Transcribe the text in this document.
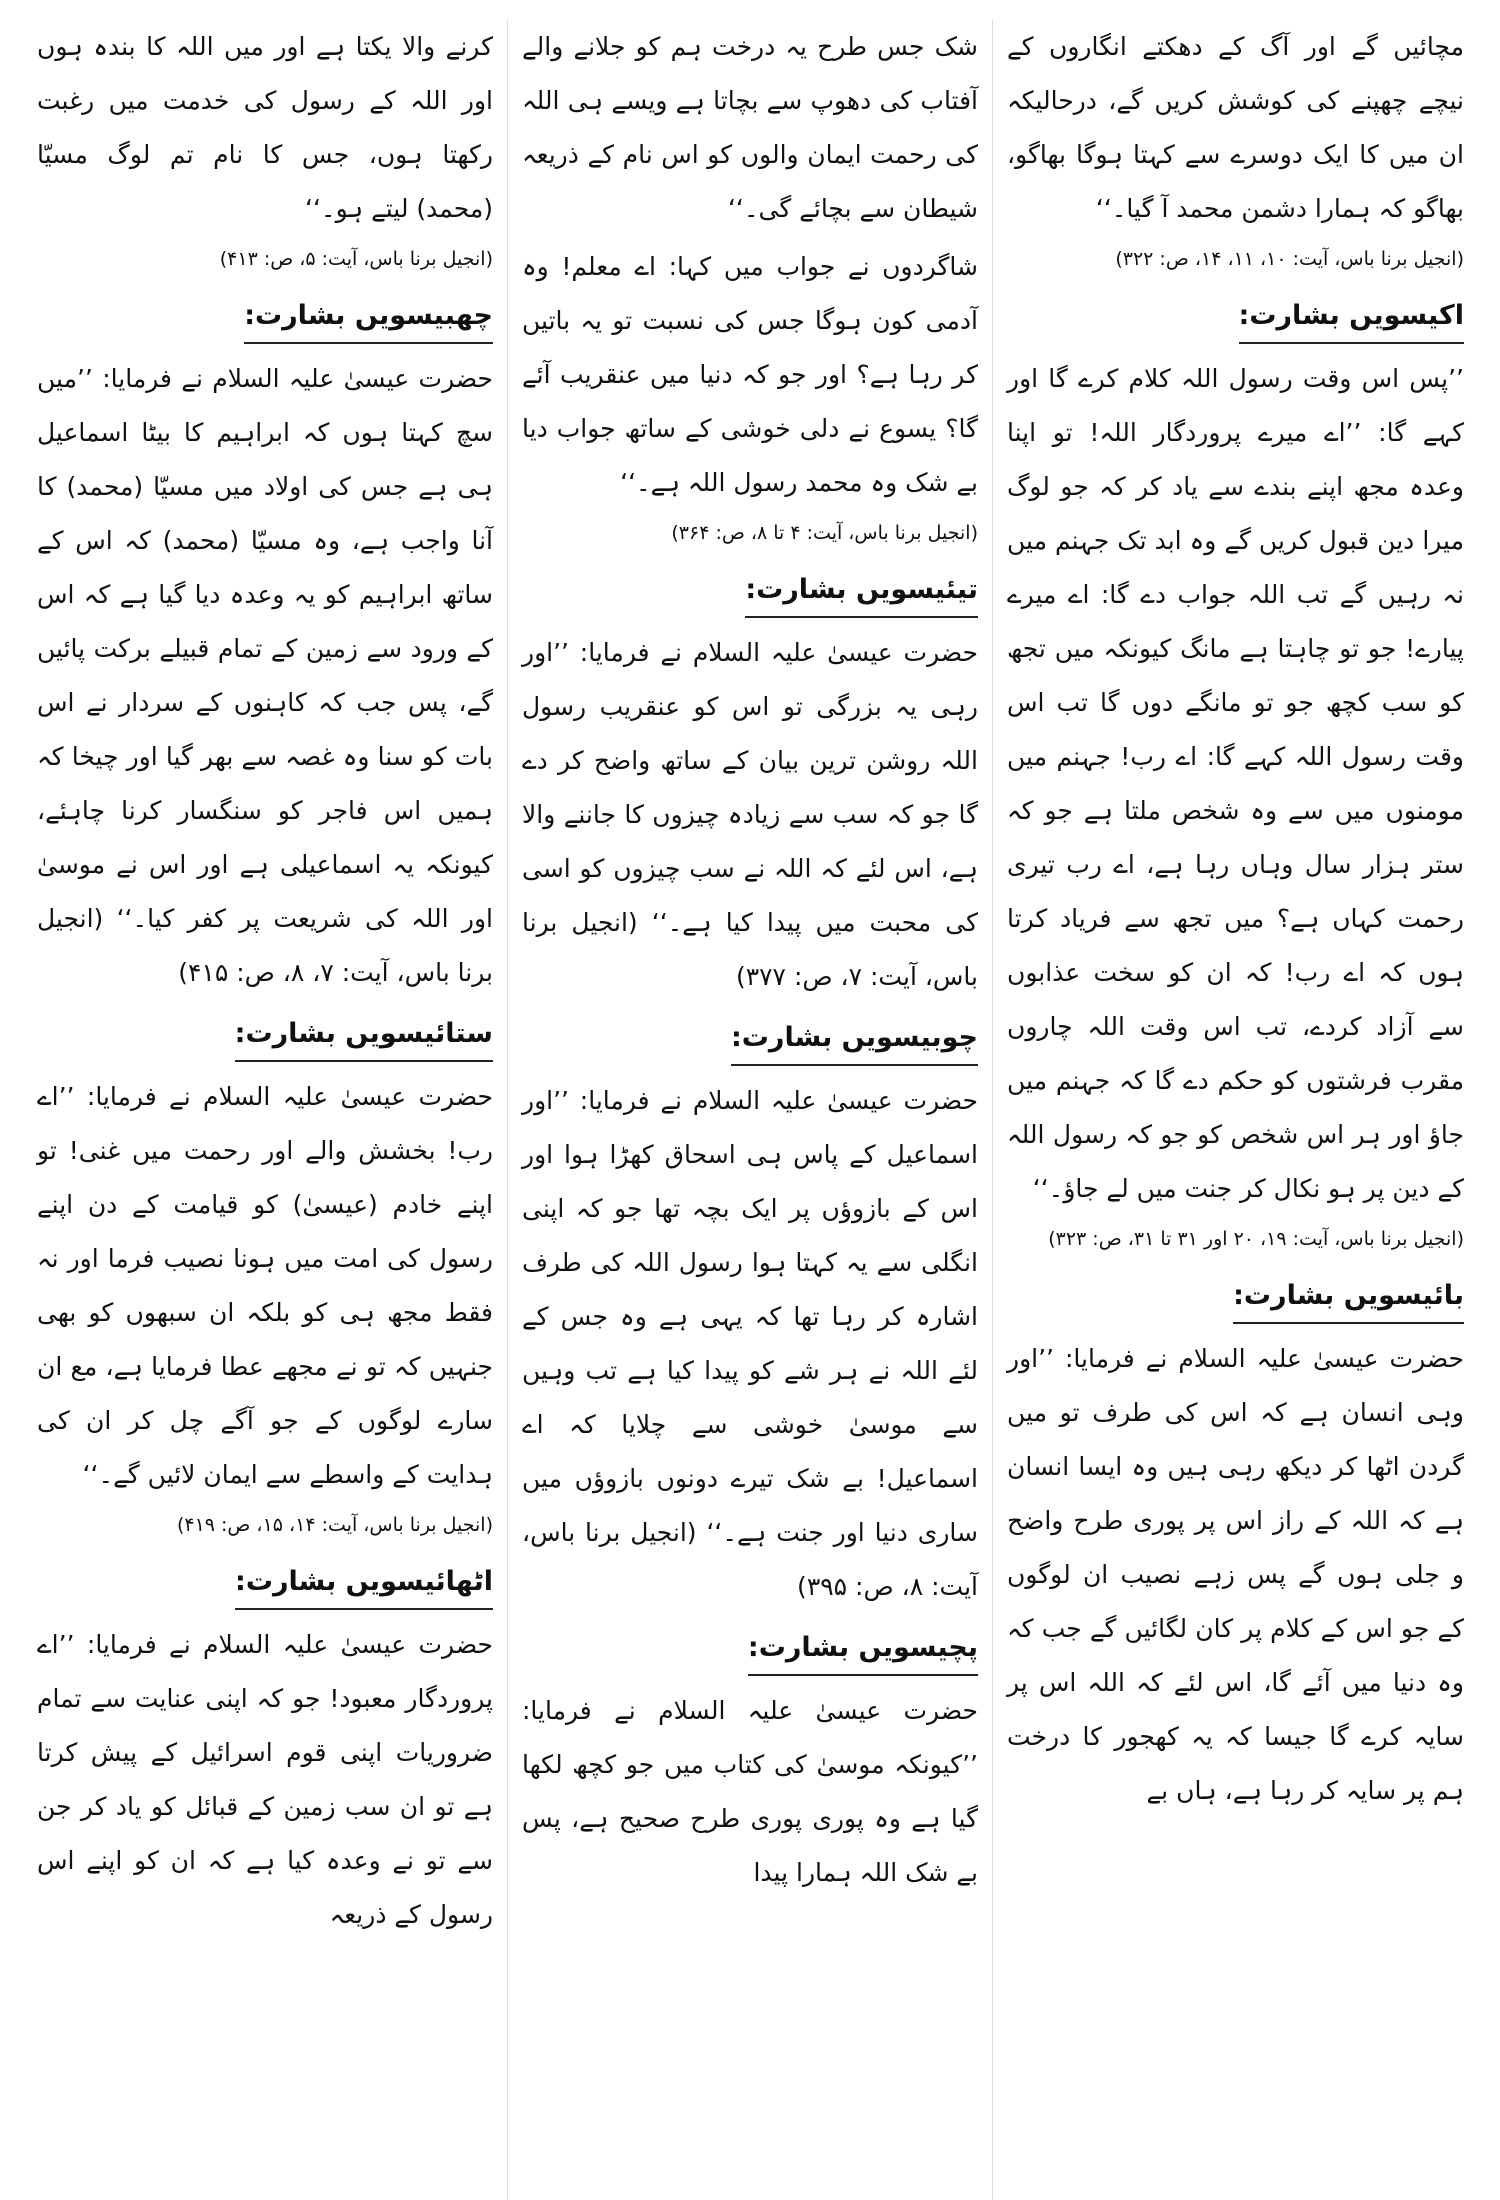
مچائیں گے اور آگ کے دھکتے انگاروں کے نیچے چھپنے کی کوشش کریں گے، درحالیکہ ان میں کا ایک دوسرے سے کہتا ہوگا بھاگو، بھاگو کہ ہمارا دشمن محمد آ گیا۔‘‘

(انجیل برنا باس، آیت: ۱۰، ۱۱، ۱۴، ص: ۳۲۲)

اکیسویں بشارت:

’’پس اس وقت رسول اللہ کلام کرے گا اور کہے گا: ’’اے میرے پروردگار اللہ! تو اپنا وعدہ مجھ اپنے بندے سے یاد کر کہ جو لوگ میرا دین قبول کریں گے وہ ابد تک جہنم میں نہ رہیں گے تب اللہ جواب دے گا: اے میرے پیارے! جو تو چاہتا ہے مانگ کیونکہ میں تجھ کو سب کچھ جو تو مانگے دوں گا تب اس وقت رسول اللہ کہے گا: اے رب! جہنم میں مومنوں میں سے وہ شخص ملتا ہے جو کہ ستر ہزار سال وہاں رہا ہے، اے رب تیری رحمت کہاں ہے؟ میں تجھ سے فریاد کرتا ہوں کہ اے رب! کہ ان کو سخت عذابوں سے آزاد کردے، تب اس وقت اللہ چاروں مقرب فرشتوں کو حکم دے گا کہ جہنم میں جاؤ اور ہر اس شخص کو جو کہ رسول اللہ کے دین پر ہو نکال کر جنت میں لے جاؤ۔‘‘

(انجیل برنا باس، آیت: ۱۹، ۲۰ اور ۳۱ تا ۳۱، ص: ۳۲۳)

بائیسویں بشارت:

حضرت عیسیٰ علیہ السلام نے فرمایا: ’’اور وہی انسان ہے کہ اس کی طرف تو میں گردن اٹھا کر دیکھ رہی ہیں وہ ایسا انسان ہے کہ اللہ کے راز اس پر پوری طرح واضح و جلی ہوں گے پس زہے نصیب ان لوگوں کے جو اس کے کلام پر کان لگائیں گے جب کہ وہ دنیا میں آئے گا، اس لئے کہ اللہ اس پر سایہ کرے گا جیسا کہ یہ کھجور کا درخت ہم پر سایہ کر رہا ہے، ہاں بے

شک جس طرح یہ درخت ہم کو جلانے والے آفتاب کی دھوپ سے بچاتا ہے ویسے ہی اللہ کی رحمت ایمان والوں کو اس نام کے ذریعہ شیطان سے بچائے گی۔‘‘

شاگردوں نے جواب میں کہا: اے معلم! وہ آدمی کون ہوگا جس کی نسبت تو یہ باتیں کر رہا ہے؟ اور جو کہ دنیا میں عنقریب آئے گا؟ یسوع نے دلی خوشی کے ساتھ جواب دیا بے شک وہ محمد رسول اللہ ہے۔‘‘

(انجیل برنا باس، آیت: ۴ تا ۸، ص: ۳۶۴)

تیئیسویں بشارت:

حضرت عیسیٰ علیہ السلام نے فرمایا: ’’اور رہی یہ بزرگی تو اس کو عنقریب رسول اللہ روشن ترین بیان کے ساتھ واضح کر دے گا جو کہ سب سے زیادہ چیزوں کا جاننے والا ہے، اس لئے کہ اللہ نے سب چیزوں کو اسی کی محبت میں پیدا کیا ہے۔‘‘ (انجیل برنا باس، آیت: ۷، ص: ۳۷۷)

چوبیسویں بشارت:

حضرت عیسیٰ علیہ السلام نے فرمایا: ’’اور اسماعیل کے پاس ہی اسحاق کھڑا ہوا اور اس کے بازوؤں پر ایک بچہ تھا جو کہ اپنی انگلی سے یہ کہتا ہوا رسول اللہ کی طرف اشارہ کر رہا تھا کہ یہی ہے وہ جس کے لئے اللہ نے ہر شے کو پیدا کیا ہے تب وہیں سے موسیٰ خوشی سے چلایا کہ اے اسماعیل! بے شک تیرے دونوں بازوؤں میں ساری دنیا اور جنت ہے۔‘‘ (انجیل برنا باس، آیت: ۸، ص: ۳۹۵)

پچیسویں بشارت:

حضرت عیسیٰ علیہ السلام نے فرمایا: ’’کیونکہ موسیٰ کی کتاب میں جو کچھ لکھا گیا ہے وہ پوری پوری طرح صحیح ہے، پس بے شک اللہ ہمارا پیدا

کرنے والا یکتا ہے اور میں اللہ کا بندہ ہوں اور اللہ کے رسول کی خدمت میں رغبت رکھتا ہوں، جس کا نام تم لوگ مسیّا (محمد) لیتے ہو۔‘‘

(انجیل برنا باس، آیت: ۵، ص: ۴۱۳)

چھبیسویں بشارت:

حضرت عیسیٰ علیہ السلام نے فرمایا: ’’میں سچ کہتا ہوں کہ ابراہیم کا بیٹا اسماعیل ہی ہے جس کی اولاد میں مسیّا (محمد) کا آنا واجب ہے، وہ مسیّا (محمد) کہ اس کے ساتھ ابراہیم کو یہ وعدہ دیا گیا ہے کہ اس کے ورود سے زمین کے تمام قبیلے برکت پائیں گے، پس جب کہ کاہنوں کے سردار نے اس بات کو سنا وہ غصہ سے بھر گیا اور چیخا کہ ہمیں اس فاجر کو سنگسار کرنا چاہئے، کیونکہ یہ اسماعیلی ہے اور اس نے موسیٰ اور اللہ کی شریعت پر کفر کیا۔‘‘ (انجیل برنا باس، آیت: ۷، ۸، ص: ۴۱۵)

ستائیسویں بشارت:

حضرت عیسیٰ علیہ السلام نے فرمایا: ’’اے رب! بخشش والے اور رحمت میں غنی! تو اپنے خادم (عیسیٰ) کو قیامت کے دن اپنے رسول کی امت میں ہونا نصیب فرما اور نہ فقط مجھ ہی کو بلکہ ان سبھوں کو بھی جنہیں کہ تو نے مجھے عطا فرمایا ہے، مع ان سارے لوگوں کے جو آگے چل کر ان کی ہدایت کے واسطے سے ایمان لائیں گے۔‘‘

(انجیل برنا باس، آیت: ۱۴، ۱۵، ص: ۴۱۹)

اٹھائیسویں بشارت:

حضرت عیسیٰ علیہ السلام نے فرمایا: ’’اے پروردگار معبود! جو کہ اپنی عنایت سے تمام ضروریات اپنی قوم اسرائیل کے پیش کرتا ہے تو ان سب زمین کے قبائل کو یاد کر جن سے تو نے وعدہ کیا ہے کہ ان کو اپنے اس رسول کے ذریعہ
